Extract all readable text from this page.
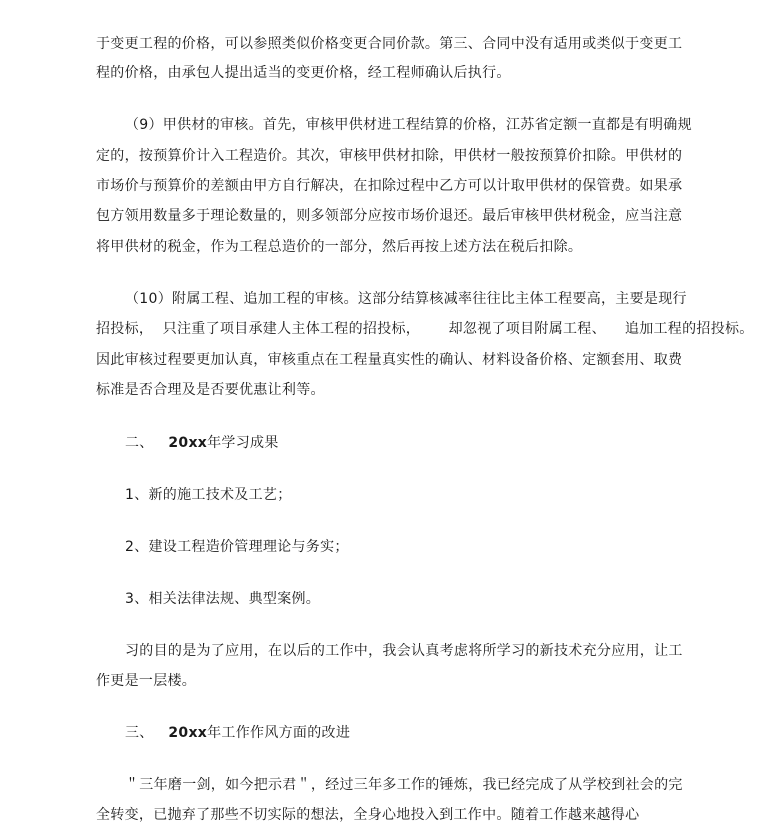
于变更工程的价格，可以参照类似价格变更合同价款。第三、合同中没有适用或类似于变更工
程的价格，由承包人提出适当的变更价格，经工程师确认后执行。
（9）甲供材的审核。首先，审核甲供材进工程结算的价格，江苏省定额一直都是有明确规
定的，按预算价计入工程造价。其次，审核甲供材扣除，甲供材一般按预算价扣除。甲供材的
市场价与预算价的差额由甲方自行解决，在扣除过程中乙方可以计取甲供材的保管费。如果承
包方领用数量多于理论数量的，则多领部分应按市场价退还。最后审核甲供材税金，应当注意
将甲供材的税金，作为工程总造价的一部分，然后再按上述方法在税后扣除。
（10）附属工程、追加工程的审核。这部分结算核减率往往比主体工程要高，主要是现行
招投标，  只注重了项目承建人主体工程的招投标，      却忽视了项目附属工程、    追加工程的招投标。
因此审核过程要更加认真，审核重点在工程量真实性的确认、材料设备价格、定额套用、取费
标准是否合理及是否要优惠让利等。
二、 20xx年学习成果
1、新的施工技术及工艺；
2、建设工程造价管理理论与务实；
3、相关法律法规、典型案例。
习的目的是为了应用，在以后的工作中，我会认真考虑将所学习的新技术充分应用，让工
作更是一层楼。
三、 20xx年工作作风方面的改进
＂三年磨一剑，如今把示君＂，经过三年多工作的锤炼，我已经完成了从学校到社会的完
全转变，已抛弃了那些不切实际的想法，全身心地投入到工作中。随着工作越来越得心
